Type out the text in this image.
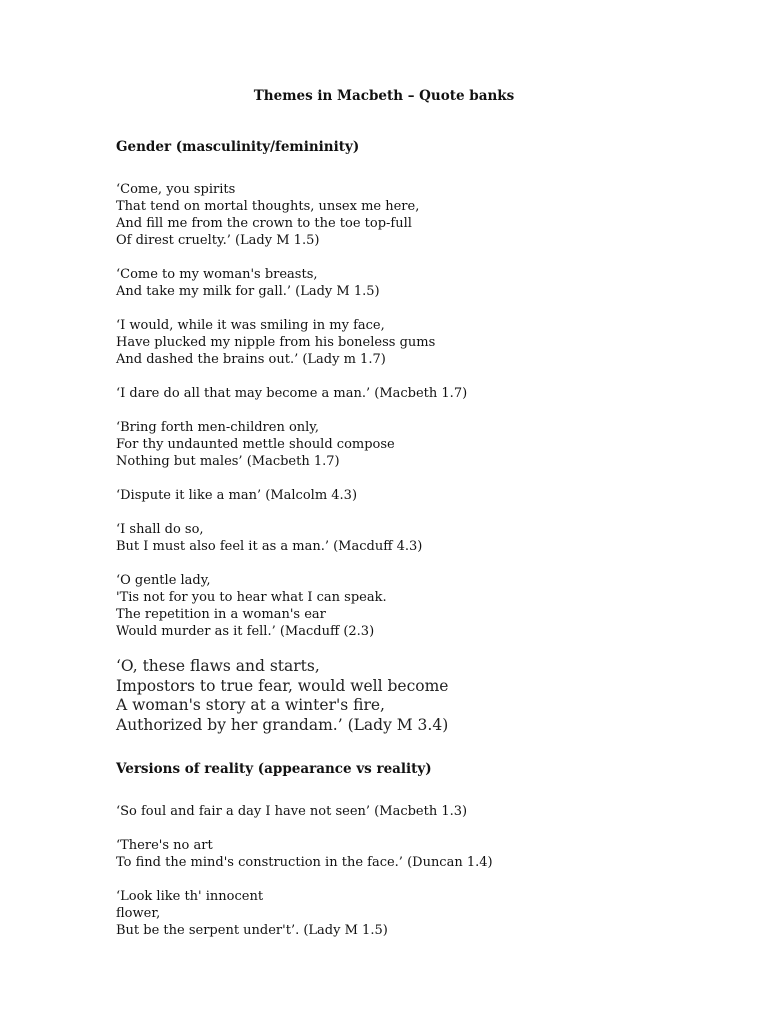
Themes in Macbeth – Quote banks
Gender (masculinity/femininity)
‘Come, you spirits
That tend on mortal thoughts, unsex me here,
And fill me from the crown to the toe top-full
Of direst cruelty.’ (Lady M 1.5)
‘Come to my woman's breasts,
And take my milk for gall.’ (Lady M 1.5)
‘I would, while it was smiling in my face,
Have plucked my nipple from his boneless gums
And dashed the brains out.’ (Lady m 1.7)
‘I dare do all that may become a man.’ (Macbeth 1.7)
‘Bring forth men-children only,
For thy undaunted mettle should compose
Nothing but males’ (Macbeth 1.7)
‘Dispute it like a man’ (Malcolm 4.3)
‘I shall do so,
But I must also feel it as a man.’ (Macduff 4.3)
‘O gentle lady,
'Tis not for you to hear what I can speak.
The repetition in a woman's ear
Would murder as it fell.’ (Macduff (2.3)
‘O, these flaws and starts,
Impostors to true fear, would well become
A woman's story at a winter's fire,
Authorized by her grandam.’ (Lady M 3.4)
Versions of reality (appearance vs reality)
‘So foul and fair a day I have not seen’ (Macbeth 1.3)
‘There's no art
To find the mind's construction in the face.’ (Duncan 1.4)
‘Look like th' innocent
flower,
But be the serpent under't’. (Lady M 1.5)
